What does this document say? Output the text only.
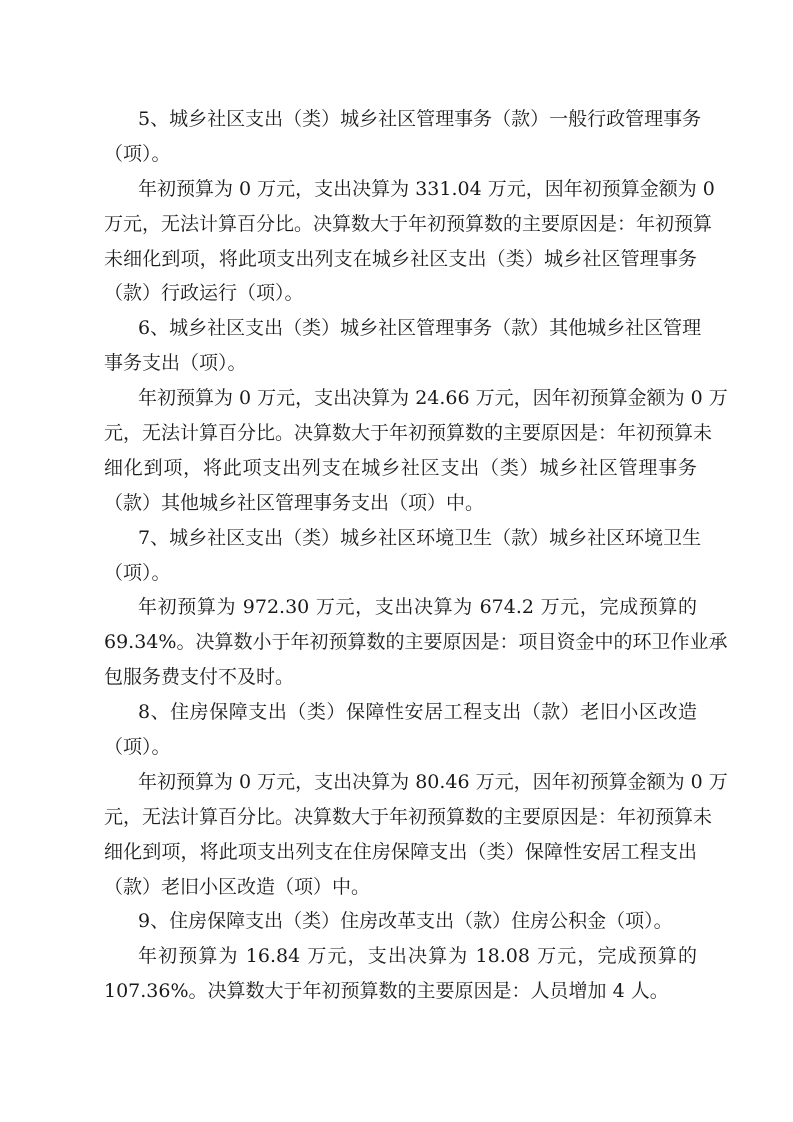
5、城乡社区支出（类）城乡社区管理事务（款）一般行政管理事务
（项）。
年初预算为 0 万元，支出决算为 331.04 万元，因年初预算金额为 0
万元，无法计算百分比。决算数大于年初预算数的主要原因是：年初预算
未细化到项，将此项支出列支在城乡社区支出（类）城乡社区管理事务
（款）行政运行（项）。
6、城乡社区支出（类）城乡社区管理事务（款）其他城乡社区管理
事务支出（项）。
年初预算为 0 万元，支出决算为 24.66 万元，因年初预算金额为 0 万
元，无法计算百分比。决算数大于年初预算数的主要原因是：年初预算未
细化到项，将此项支出列支在城乡社区支出（类）城乡社区管理事务
（款）其他城乡社区管理事务支出（项）中。
7、城乡社区支出（类）城乡社区环境卫生（款）城乡社区环境卫生
（项）。
年初预算为 972.30 万元，支出决算为 674.2 万元，完成预算的
69.34%。决算数小于年初预算数的主要原因是：项目资金中的环卫作业承
包服务费支付不及时。
8、住房保障支出（类）保障性安居工程支出（款）老旧小区改造
（项）。
年初预算为 0 万元，支出决算为 80.46 万元，因年初预算金额为 0 万
元，无法计算百分比。决算数大于年初预算数的主要原因是：年初预算未
细化到项，将此项支出列支在住房保障支出（类）保障性安居工程支出
（款）老旧小区改造（项）中。
9、住房保障支出（类）住房改革支出（款）住房公积金（项）。
年初预算为 16.84 万元，支出决算为 18.08 万元，完成预算的
107.36%。决算数大于年初预算数的主要原因是：人员增加 4 人。
